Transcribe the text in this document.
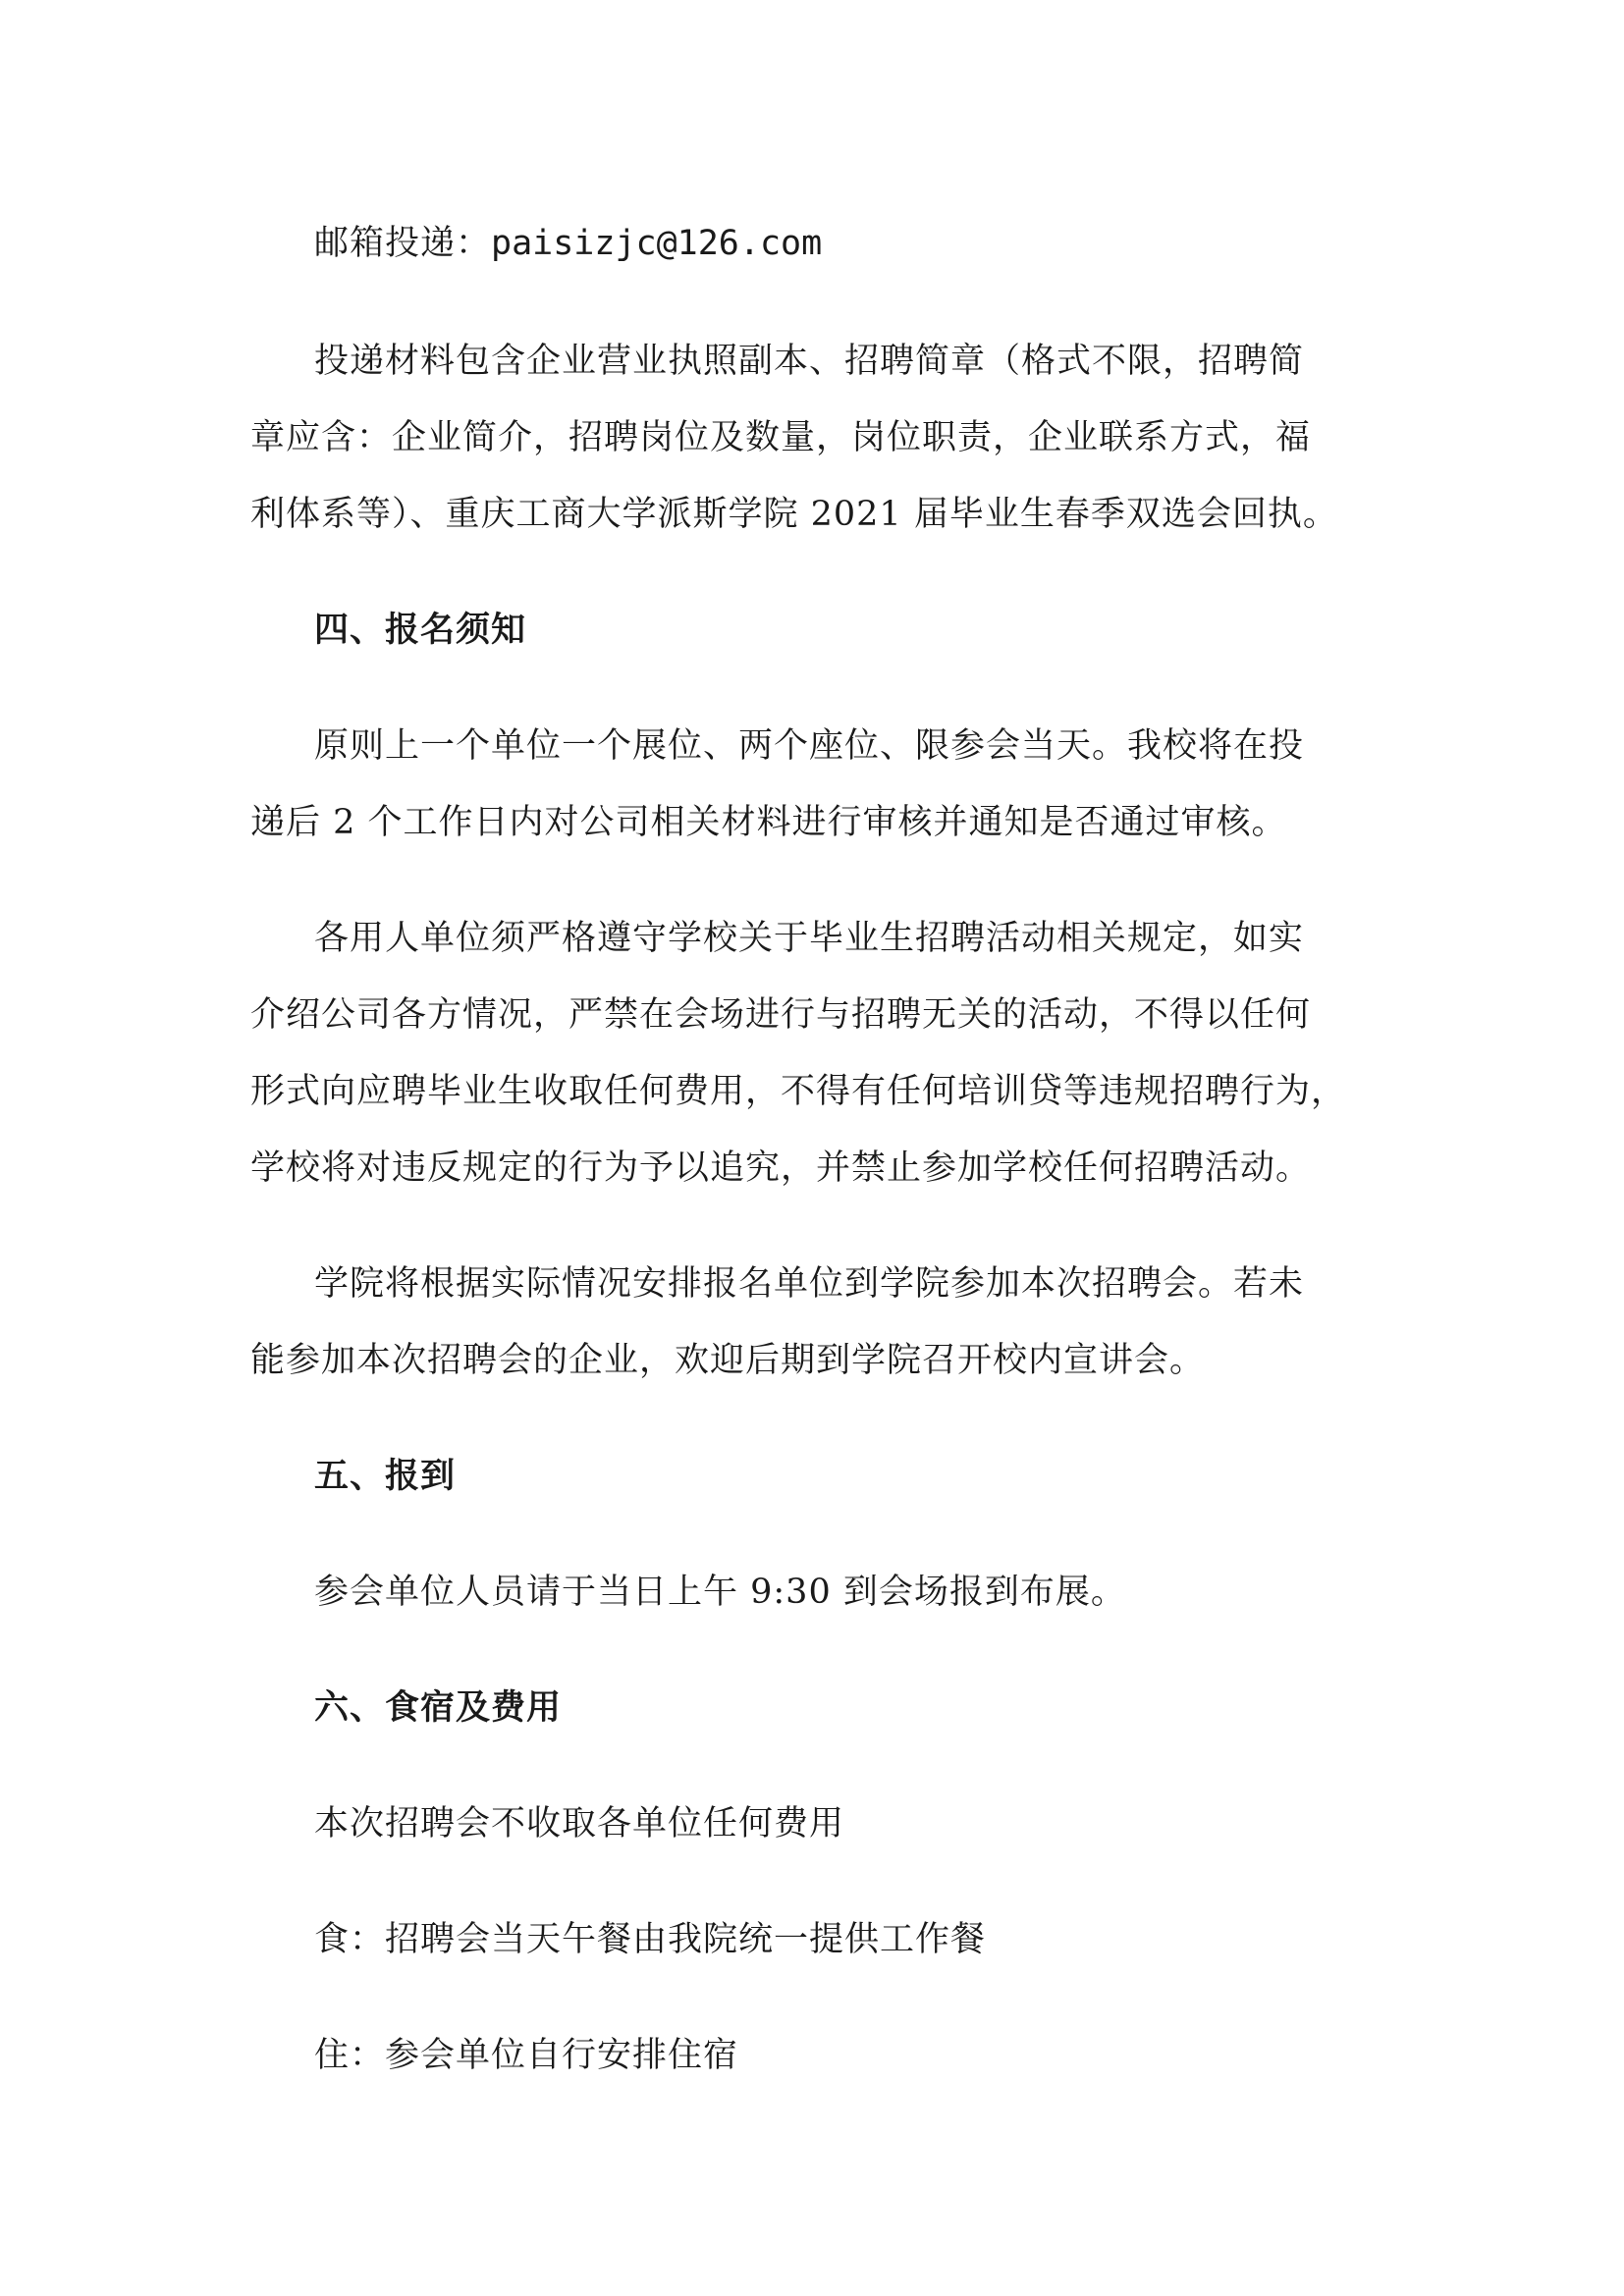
邮箱投递：paisizjc@126.com

投递材料包含企业营业执照副本、招聘简章（格式不限，招聘简

章应含：企业简介，招聘岗位及数量，岗位职责，企业联系方式，福

利体系等）、重庆工商大学派斯学院 2021 届毕业生春季双选会回执。

四、报名须知

原则上一个单位一个展位、两个座位、限参会当天。我校将在投

递后 2 个工作日内对公司相关材料进行审核并通知是否通过审核。

各用人单位须严格遵守学校关于毕业生招聘活动相关规定，如实

介绍公司各方情况，严禁在会场进行与招聘无关的活动，不得以任何

形式向应聘毕业生收取任何费用，不得有任何培训贷等违规招聘行为，

学校将对违反规定的行为予以追究，并禁止参加学校任何招聘活动。

学院将根据实际情况安排报名单位到学院参加本次招聘会。若未

能参加本次招聘会的企业，欢迎后期到学院召开校内宣讲会。

五、报到

参会单位人员请于当日上午 9:30 到会场报到布展。

六、食宿及费用

本次招聘会不收取各单位任何费用

食：招聘会当天午餐由我院统一提供工作餐

住：参会单位自行安排住宿
